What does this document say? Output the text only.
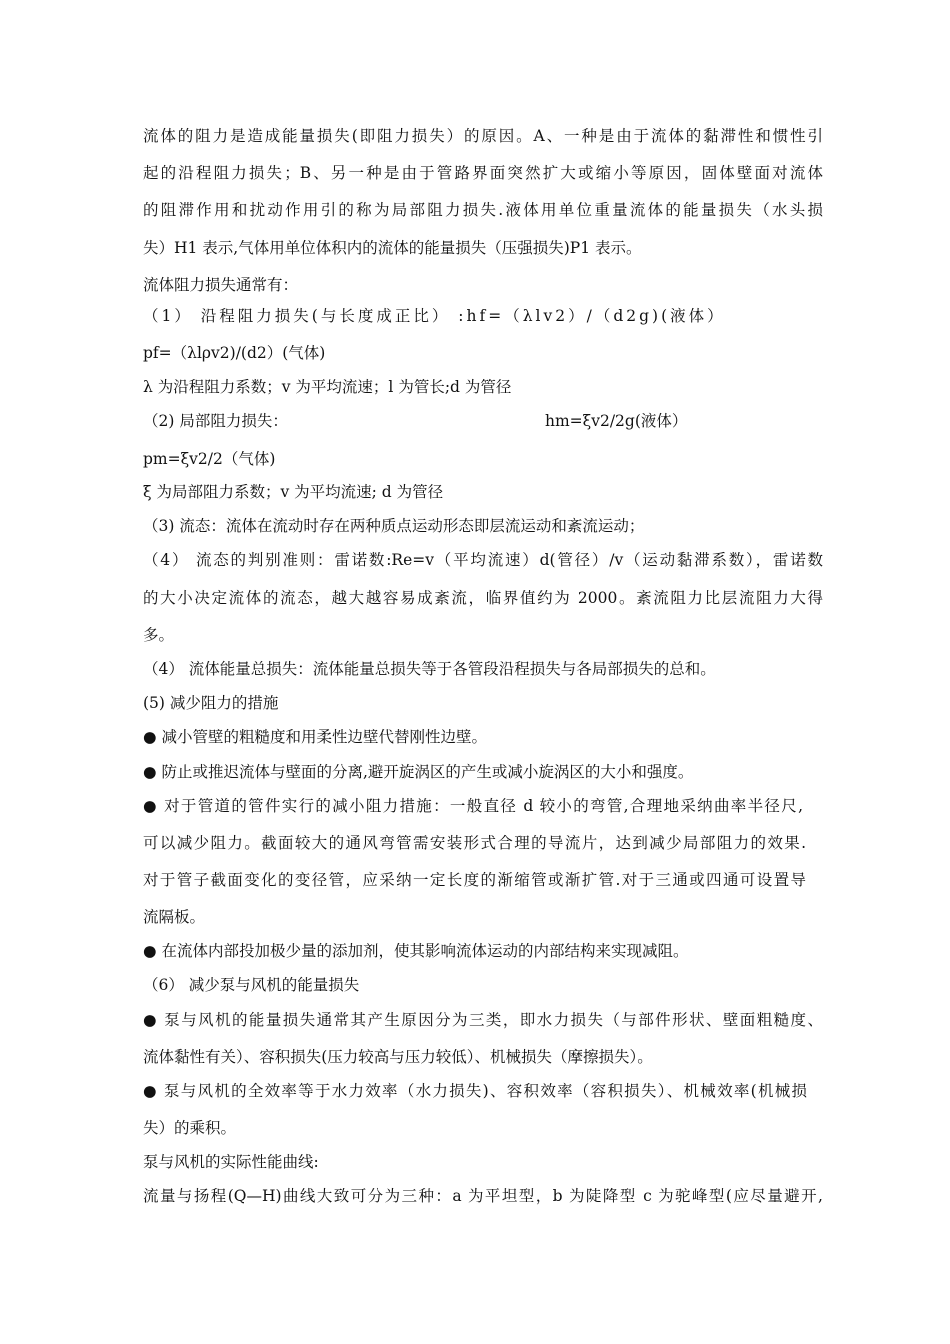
流体的阻力是造成能量损失(即阻力损失）的原因。A、一种是由于流体的黏滞性和惯性引

起的沿程阻力损失；B、另一种是由于管路界面突然扩大或缩小等原因，固体壁面对流体

的阻滞作用和扰动作用引的称为局部阻力损失.液体用单位重量流体的能量损失（水头损

失）H1 表示,气体用单位体积内的流体的能量损失（压强损失)P1 表示。

流体阻力损失通常有：

（1） 沿程阻力损失(与长度成正比） :hf=（λlv2）/（d2g)(液体）

pf=（λlρv2)/(d2）(气体)

λ 为沿程阻力系数；v 为平均流速；l 为管长;d 为管径

（2) 局部阻力损失：	hm=ξv2/2g(液体）

pm=ξv2/2（气体)

ξ 为局部阻力系数；v 为平均流速; d 为管径

（3) 流态：流体在流动时存在两种质点运动形态即层流运动和紊流运动；

（4） 流态的判别准则：雷诺数:Re=v（平均流速）d(管径）/v（运动黏滞系数），雷诺数

的大小决定流体的流态，越大越容易成紊流，临界值约为 2000。紊流阻力比层流阻力大得

多。

（4） 流体能量总损失：流体能量总损失等于各管段沿程损失与各局部损失的总和。

(5) 减少阻力的措施

● 减小管壁的粗糙度和用柔性边壁代替刚性边壁。

● 防止或推迟流体与壁面的分离,避开旋涡区的产生或减小旋涡区的大小和强度。

● 对于管道的管件实行的减小阻力措施：一般直径 d 较小的弯管,合理地采纳曲率半径尺,

可以减少阻力。截面较大的通风弯管需安装形式合理的导流片，达到减少局部阻力的效果.

对于管子截面变化的变径管，应采纳一定长度的渐缩管或渐扩管.对于三通或四通可设置导

流隔板。

● 在流体内部投加极少量的添加剂，使其影响流体运动的内部结构来实现减阻。

（6） 减少泵与风机的能量损失

● 泵与风机的能量损失通常其产生原因分为三类，即水力损失（与部件形状、壁面粗糙度、

流体黏性有关）、容积损失(压力较高与压力较低）、机械损失（摩擦损失）。

● 泵与风机的全效率等于水力效率（水力损失)、容积效率（容积损失）、机械效率(机械损

失）的乘积。

泵与风机的实际性能曲线:

流量与扬程(Q—H)曲线大致可分为三种：a 为平坦型，b 为陡降型 c 为驼峰型(应尽量避开,
